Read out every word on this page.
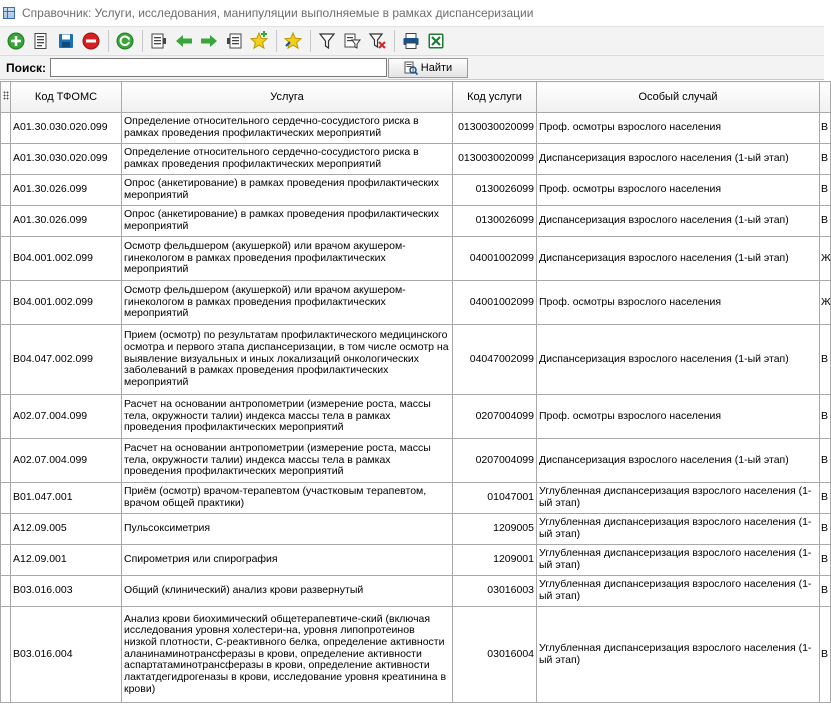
Справочник: Услуги, исследования, манипуляции выполняемые в рамках диспансеризации
Поиск:	Найти
	Код ТФОМС	Услуга	Код услуги	Особый случай	
	A01.30.030.020.099	Определение относительного сердечно-сосудистого риска в рамках проведения профилактических мероприятий	0130030020099	Проф. осмотры взрослого населения	В
	A01.30.030.020.099	Определение относительного сердечно-сосудистого риска в рамках проведения профилактических мероприятий	0130030020099	Диспансеризация взрослого населения (1-ый этап)	В
	A01.30.026.099	Опрос (анкетирование) в рамках проведения профилактических мероприятий	0130026099	Проф. осмотры взрослого населения	В
	A01.30.026.099	Опрос (анкетирование) в рамках проведения профилактических мероприятий	0130026099	Диспансеризация взрослого населения (1-ый этап)	В
	B04.001.002.099	Осмотр фельдшером (акушеркой) или врачом акушером-гинекологом в рамках проведения профилактических мероприятий	04001002099	Диспансеризация взрослого населения (1-ый этап)	Ж
	B04.001.002.099	Осмотр фельдшером (акушеркой) или врачом акушером-гинекологом в рамках проведения профилактических мероприятий	04001002099	Проф. осмотры взрослого населения	Ж
	B04.047.002.099	Прием (осмотр) по результатам профилактического медицинского осмотра и первого этапа диспансеризации, в том числе осмотр на выявление визуальных и иных локализаций онкологических заболеваний в рамках проведения профилактических мероприятий	04047002099	Диспансеризация взрослого населения (1-ый этап)	В
	A02.07.004.099	Расчет на основании антропометрии (измерение роста, массы тела, окружности талии) индекса массы тела в рамках проведения профилактических мероприятий	0207004099	Проф. осмотры взрослого населения	В
	A02.07.004.099	Расчет на основании антропометрии (измерение роста, массы тела, окружности талии) индекса массы тела в рамках проведения профилактических мероприятий	0207004099	Диспансеризация взрослого населения (1-ый этап)	В
	B01.047.001	Приём (осмотр) врачом-терапевтом (участковым терапевтом, врачом общей практики)	01047001	Углубленная диспансеризация взрослого населения (1-ый этап)	В
	A12.09.005	Пульсоксиметрия	1209005	Углубленная диспансеризация взрослого населения (1-ый этап)	В
	A12.09.001	Спирометрия или спирография	1209001	Углубленная диспансеризация взрослого населения (1-ый этап)	В
	B03.016.003	Общий (клинический) анализ крови развернутый	03016003	Углубленная диспансеризация взрослого населения (1-ый этап)	В
	B03.016.004	Анализ крови биохимический общетерапевтиче-ский (включая исследования уровня холестери-на, уровня липопротеинов низкой плотности, С-реактивного белка, определение активности аланинаминотрансферазы в крови, определение активности аспартатаминотрансферазы в крови, определение активности лактатдегидрогеназы в крови, исследование уровня креатинина в крови)	03016004	Углубленная диспансеризация взрослого населения (1-ый этап)	В
